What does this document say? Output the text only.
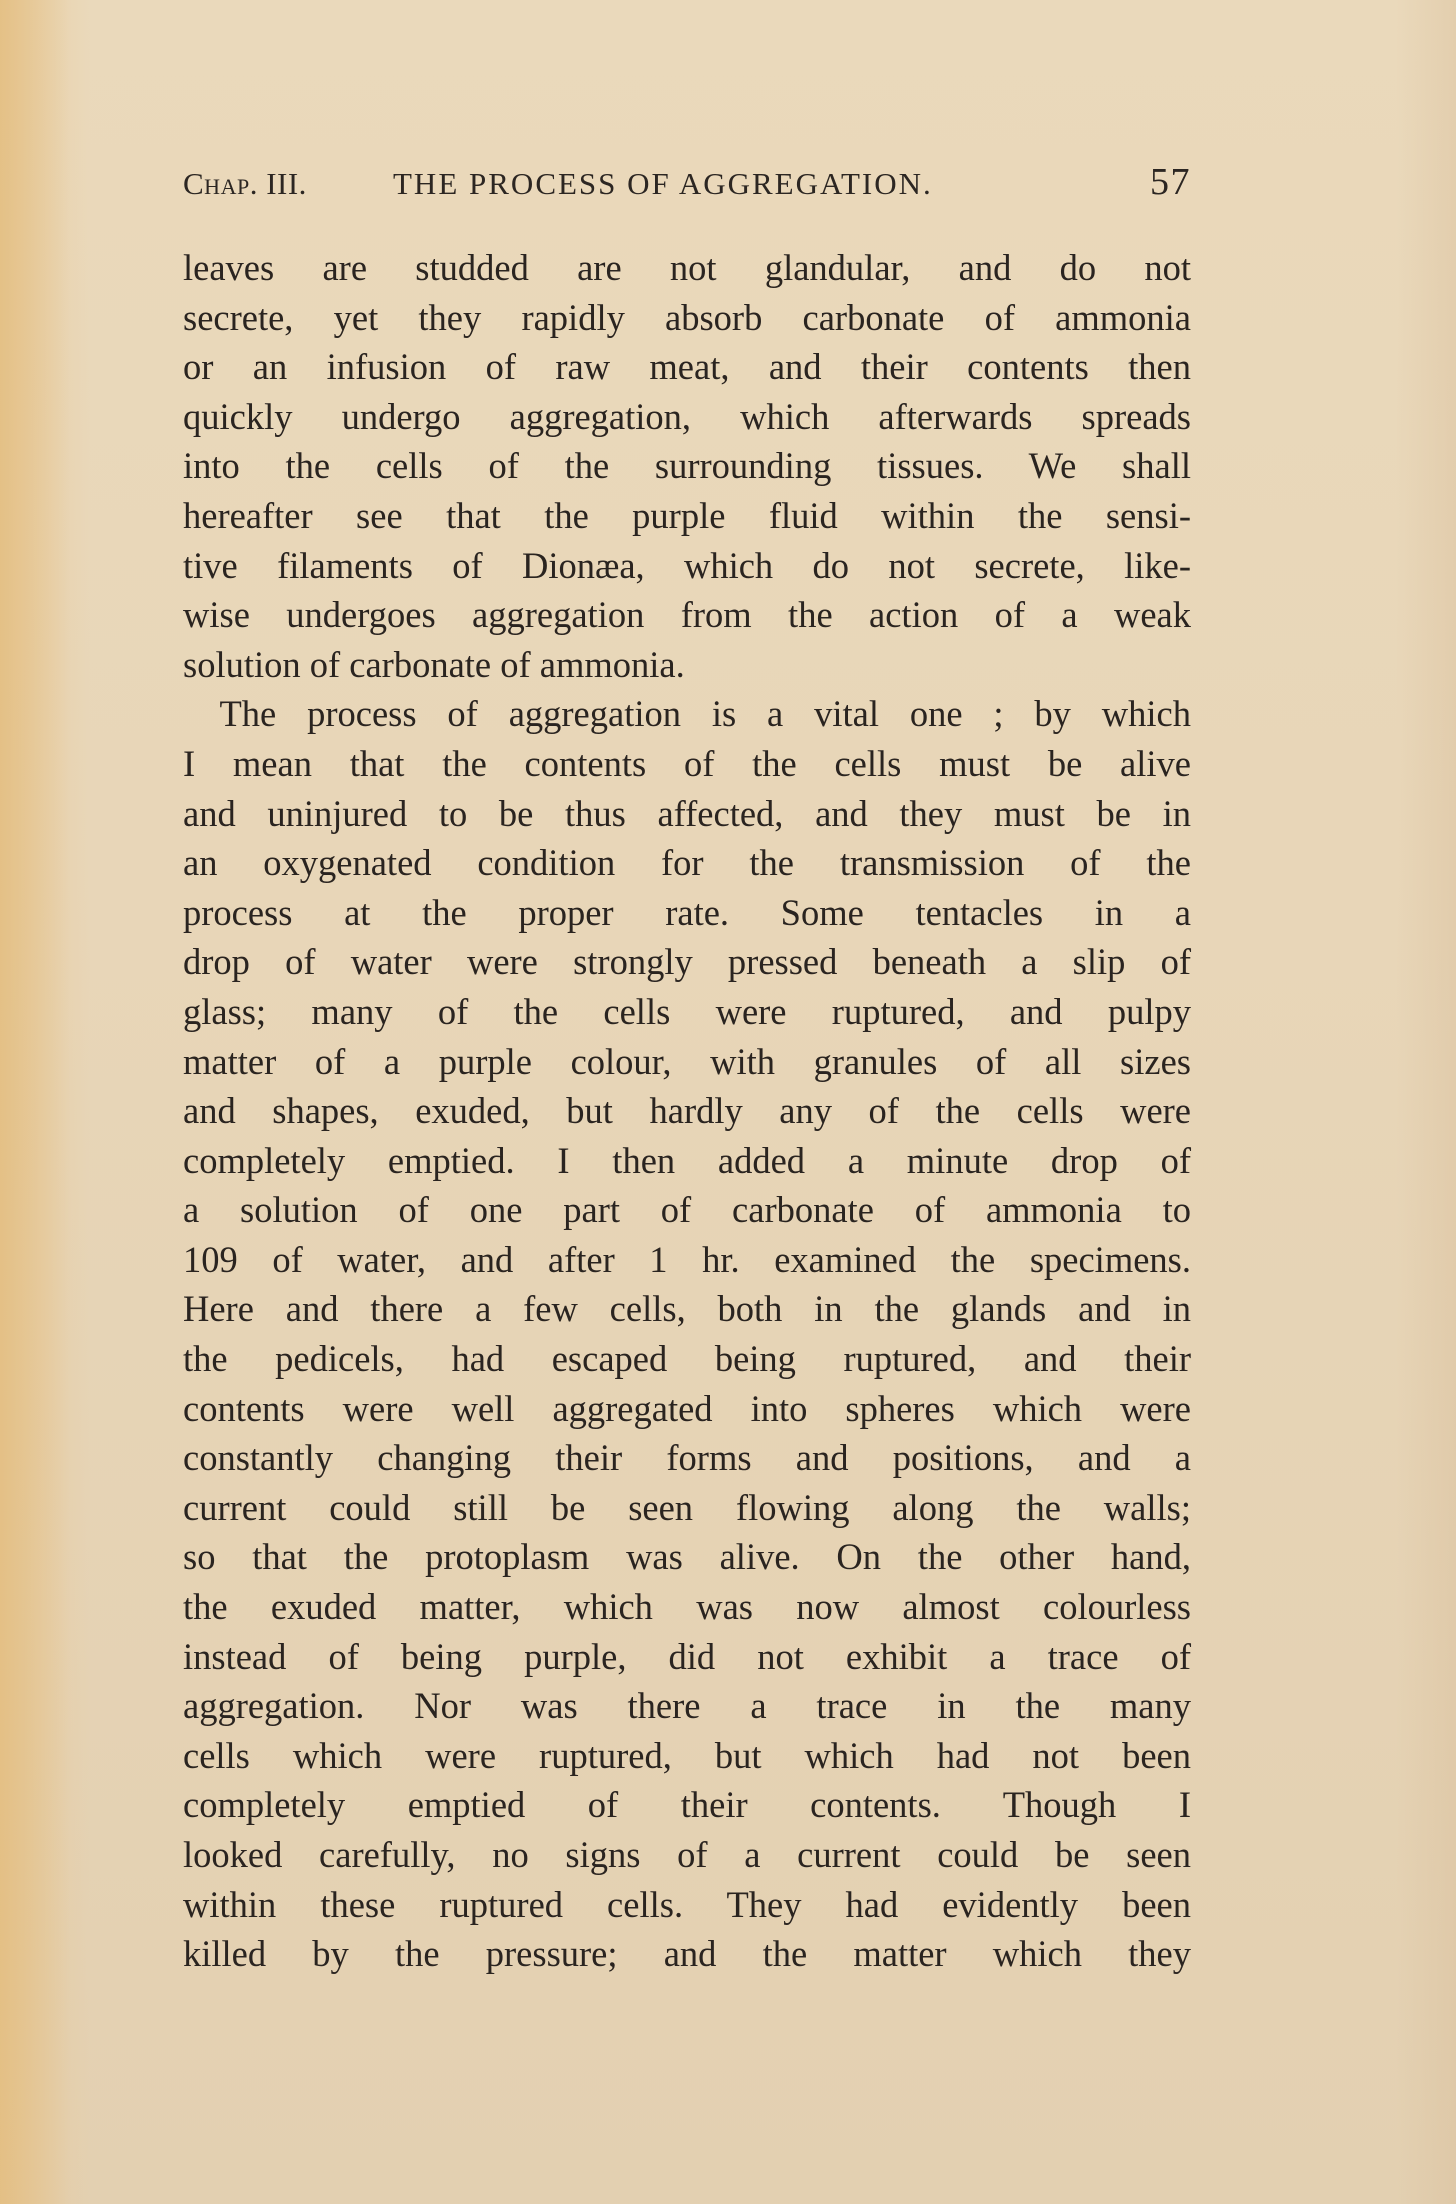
Chap. III.	THE PROCESS OF AGGREGATION.	57
leaves are studded are not glandular, and do not
secrete, yet they rapidly absorb carbonate of ammonia
or an infusion of raw meat, and their contents then
quickly undergo aggregation, which afterwards spreads
into the cells of the surrounding tissues. We shall
hereafter see that the purple fluid within the sensi-
tive filaments of Dionæa, which do not secrete, like-
wise undergoes aggregation from the action of a weak
solution of carbonate of ammonia.
 The process of aggregation is a vital one ; by which
I mean that the contents of the cells must be alive
and uninjured to be thus affected, and they must be in
an oxygenated condition for the transmission of the
process at the proper rate. Some tentacles in a
drop of water were strongly pressed beneath a slip of
glass; many of the cells were ruptured, and pulpy
matter of a purple colour, with granules of all sizes
and shapes, exuded, but hardly any of the cells were
completely emptied. I then added a minute drop of
a solution of one part of carbonate of ammonia to
109 of water, and after 1 hr. examined the specimens.
Here and there a few cells, both in the glands and in
the pedicels, had escaped being ruptured, and their
contents were well aggregated into spheres which were
constantly changing their forms and positions, and a
current could still be seen flowing along the walls;
so that the protoplasm was alive. On the other hand,
the exuded matter, which was now almost colourless
instead of being purple, did not exhibit a trace of
aggregation. Nor was there a trace in the many
cells which were ruptured, but which had not been
completely emptied of their contents. Though I
looked carefully, no signs of a current could be seen
within these ruptured cells. They had evidently been
killed by the pressure; and the matter which they
